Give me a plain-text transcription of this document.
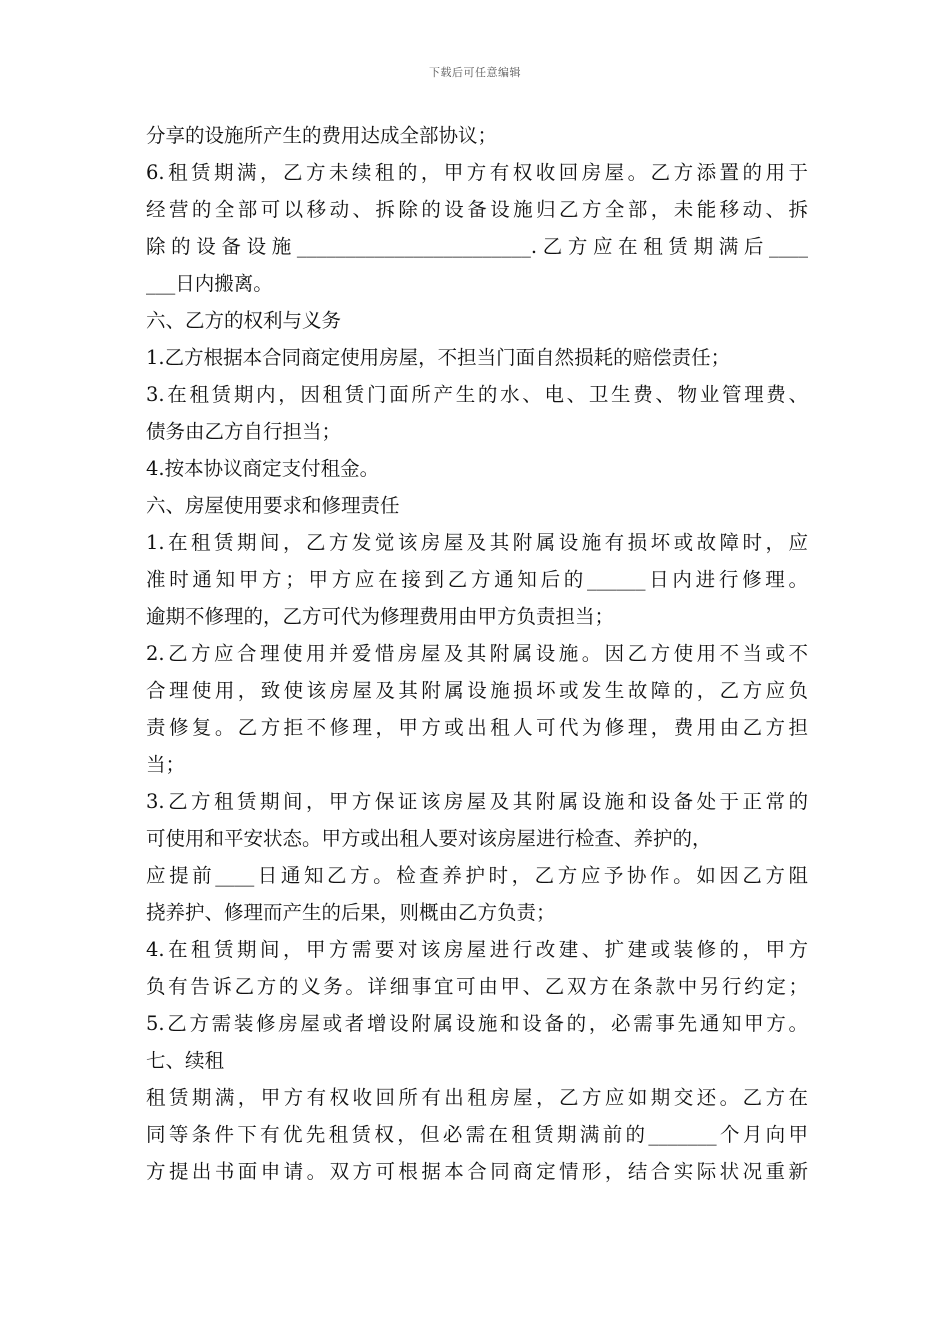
下载后可任意编辑
分享的设施所产生的费用达成全部协议；
6.租赁期满，乙方未续租的，甲方有权收回房屋。乙方添置的用于
经营的全部可以移动、拆除的设备设施归乙方全部，未能移动、拆
除的设备设施________________________.乙方应在租赁期满后____
___日内搬离。
六、乙方的权利与义务
1.乙方根据本合同商定使用房屋，不担当门面自然损耗的赔偿责任；
3.在租赁期内，因租赁门面所产生的水、电、卫生费、物业管理费、
债务由乙方自行担当；
4.按本协议商定支付租金。
六、房屋使用要求和修理责任
1.在租赁期间，乙方发觉该房屋及其附属设施有损坏或故障时，应
准时通知甲方；甲方应在接到乙方通知后的______日内进行修理。
逾期不修理的，乙方可代为修理费用由甲方负责担当；
2.乙方应合理使用并爱惜房屋及其附属设施。因乙方使用不当或不
合理使用，致使该房屋及其附属设施损坏或发生故障的，乙方应负
责修复。乙方拒不修理，甲方或出租人可代为修理，费用由乙方担
当；
3.乙方租赁期间，甲方保证该房屋及其附属设施和设备处于正常的
可使用和平安状态。甲方或出租人要对该房屋进行检查、养护的，
应提前____日通知乙方。检查养护时，乙方应予协作。如因乙方阻
挠养护、修理而产生的后果，则概由乙方负责；
4.在租赁期间，甲方需要对该房屋进行改建、扩建或装修的，甲方
负有告诉乙方的义务。详细事宜可由甲、乙双方在条款中另行约定；
5.乙方需装修房屋或者增设附属设施和设备的，必需事先通知甲方。
七、续租
租赁期满，甲方有权收回所有出租房屋，乙方应如期交还。乙方在
同等条件下有优先租赁权，但必需在租赁期满前的_______个月向甲
方提出书面申请。双方可根据本合同商定情形，结合实际状况重新
